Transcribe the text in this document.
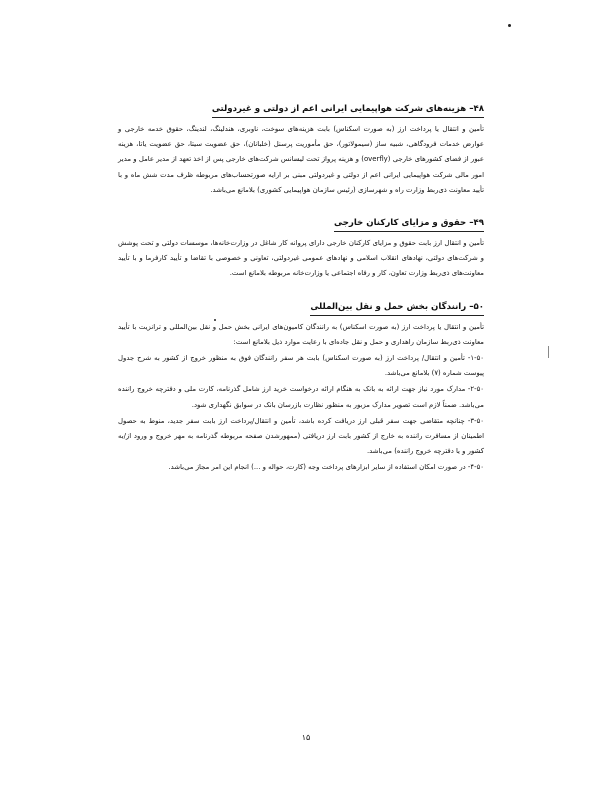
۴۸– هزینه‌های شرکت هواپیمایی ایرانی اعم از دولتی و غیردولتی

تأمین و انتقال یا پرداخت ارز (به صورت اسکناس) بابت هزینه‌های سوخت، ناوبری، هندلینگ، لندینگ، حقوق خدمه خارجی و عوارض خدمات فرودگاهی، شبیه ساز (سیمولاتور)، حق مأموریت پرسنل (خلبانان)، حق عضویت سیتا، حق عضویت یاتا، هزینه عبور از فضای کشورهای خارجی (overfly) و هزینه پرواز تحت لیسانس شرکت‌های خارجی پس از اخذ تعهد از مدیر عامل و مدیر امور مالی شرکت هواپیمایی ایرانی اعم از دولتی و غیردولتی مبنی بر ارایه صورتحساب‌های مربوطه ظرف مدت شش ماه و با تأیید معاونت ذی‌ربط وزارت راه و شهرسازی (رئیس سازمان هواپیمایی کشوری) بلامانع می‌باشد.

۴۹– حقوق و مزایای کارکنان خارجی

تأمین و انتقال ارز بابت حقوق و مزایای کارکنان خارجی دارای پروانه کار شاغل در وزارت‌خانه‌ها، موسسات دولتی و تحت پوشش و شرکت‌های دولتی، نهادهای انقلاب اسلامی و نهادهای عمومی غیردولتی، تعاونی و خصوصی با تقاضا و تأیید کارفرما و با تأیید معاونت‌های ذی‌ربط وزارت تعاون، کار و رفاه اجتماعی یا وزارت‌خانه مربوطه بلامانع است.

۵۰– رانندگان بخش حمل و نقل بین‌المللی

تأمین و انتقال یا پرداخت ارز (به صورت اسکناس) به رانندگان کامیون‌های ایرانی بخش حمل و نقل بین‌المللی و ترانزیت با تأیید معاونت ذی‌ربط سازمان راهداری و حمل و نقل جاده‌ای با رعایت موارد ذیل بلامانع است:

۱-۵۰- تأمین و انتقال/ پرداخت ارز (به صورت اسکناس) بابت هر سفر رانندگان فوق به منظور خروج از کشور به شرح جدول پیوست شماره (۷) بلامانع می‌باشد.

۲-۵۰- مدارک مورد نیاز جهت ارائه به بانک به هنگام ارائه درخواست خرید ارز شامل گذرنامه، کارت ملی و دفترچه خروج راننده می‌باشد. ضمناً لازم است تصویر مدارک مزبور به منظور نظارت بازرسان بانک در سوابق نگهداری شود.

۳-۵۰- چنانچه متقاضی جهت سفر قبلی ارز دریافت کرده باشد، تأمین و انتقال/پرداخت ارز بابت سفر جدید، منوط به حصول اطمینان از مسافرت راننده به خارج از کشور بابت ارز دریافتی (ممهورشدن صفحه مربوطه گذرنامه به مهر خروج و ورود از/به کشور و یا دفترچه خروج راننده) می‌باشد.

۴-۵۰- در صورت امکان استفاده از سایر ابزارهای پرداخت وجه (کارت، حواله و ...) انجام این امر مجاز می‌باشد.

۱۵
